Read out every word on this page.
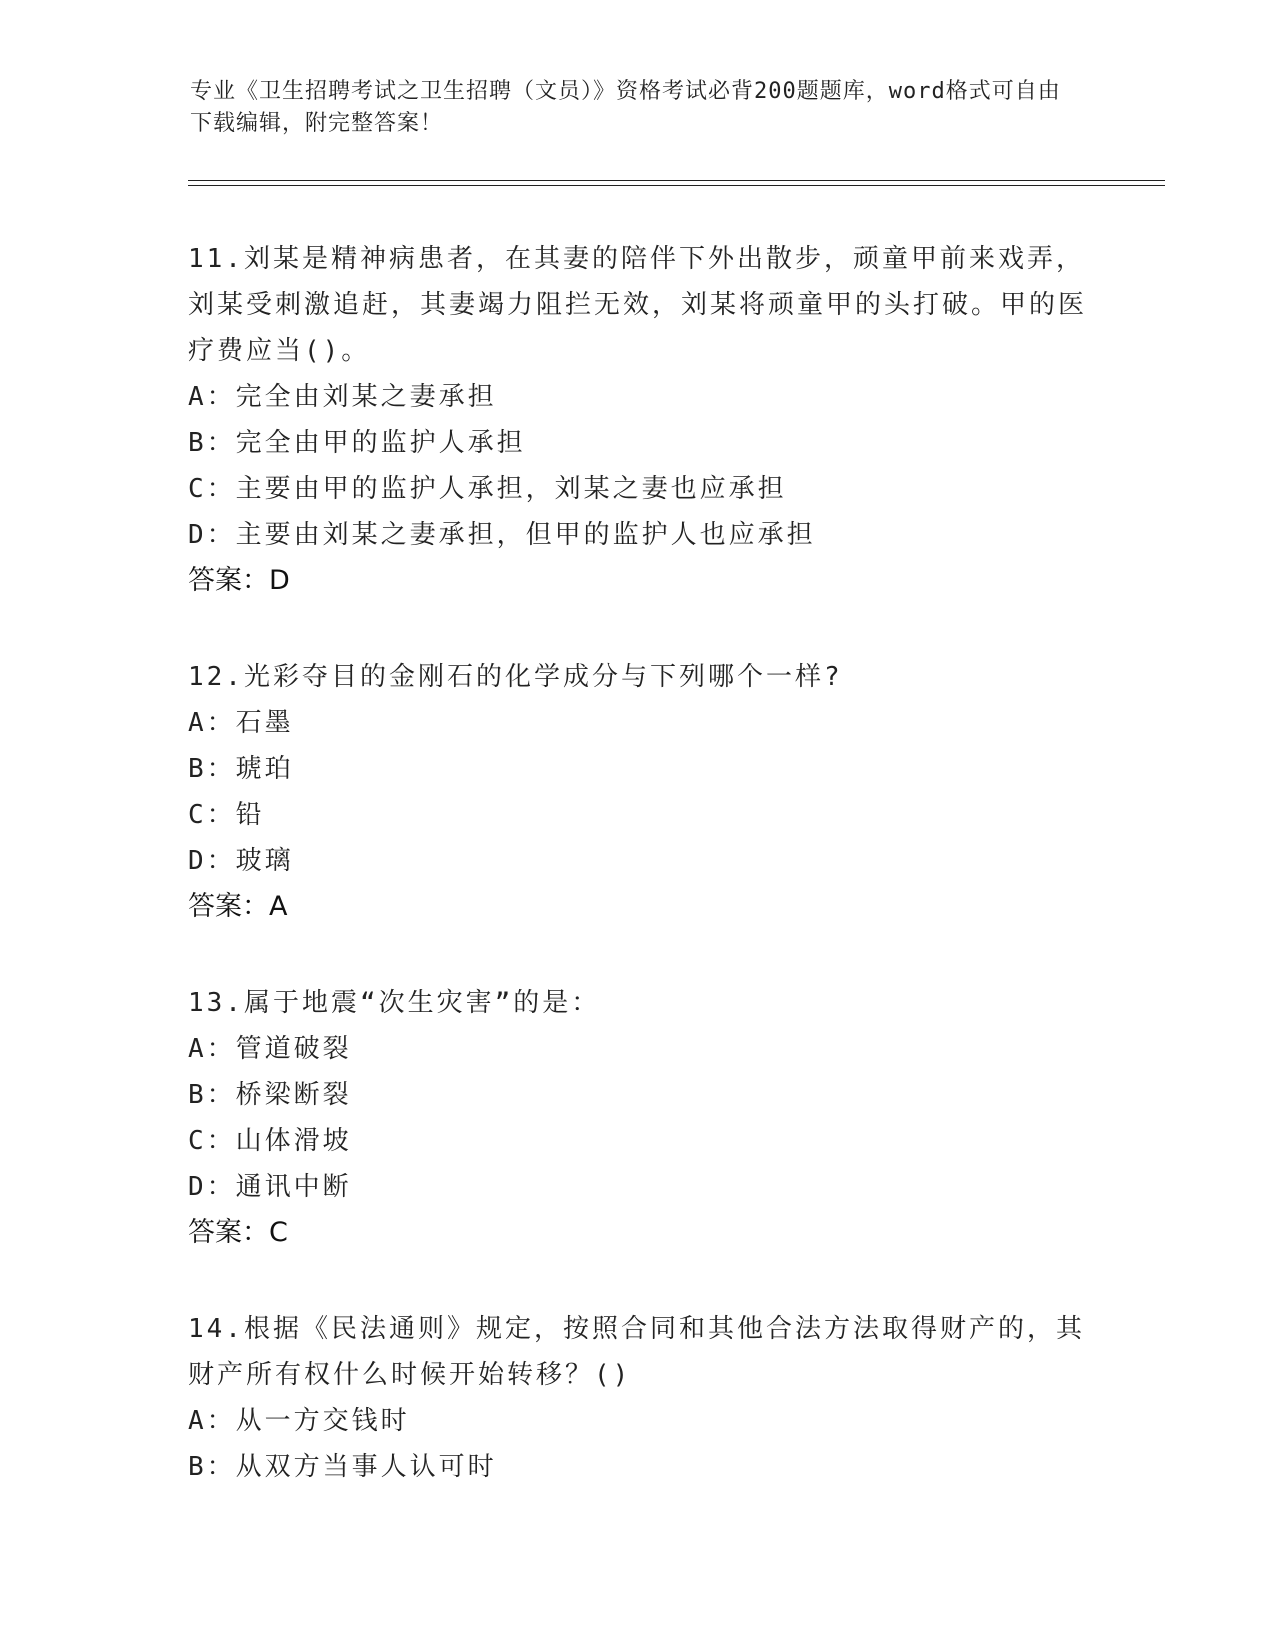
专业《卫生招聘考试之卫生招聘（文员）》资格考试必背200题题库，word格式可自由下载编辑，附完整答案！
11.刘某是精神病患者，在其妻的陪伴下外出散步，顽童甲前来戏弄，刘某受刺激追赶，其妻竭力阻拦无效，刘某将顽童甲的头打破。甲的医疗费应当()。
A：完全由刘某之妻承担
B：完全由甲的监护人承担
C：主要由甲的监护人承担，刘某之妻也应承担
D：主要由刘某之妻承担，但甲的监护人也应承担
答案：D
12.光彩夺目的金刚石的化学成分与下列哪个一样?
A：石墨
B：琥珀
C：铅
D：玻璃
答案：A
13.属于地震“次生灾害”的是：
A：管道破裂
B：桥梁断裂
C：山体滑坡
D：通讯中断
答案：C
14.根据《民法通则》规定，按照合同和其他合法方法取得财产的，其财产所有权什么时候开始转移？()
A：从一方交钱时
B：从双方当事人认可时
